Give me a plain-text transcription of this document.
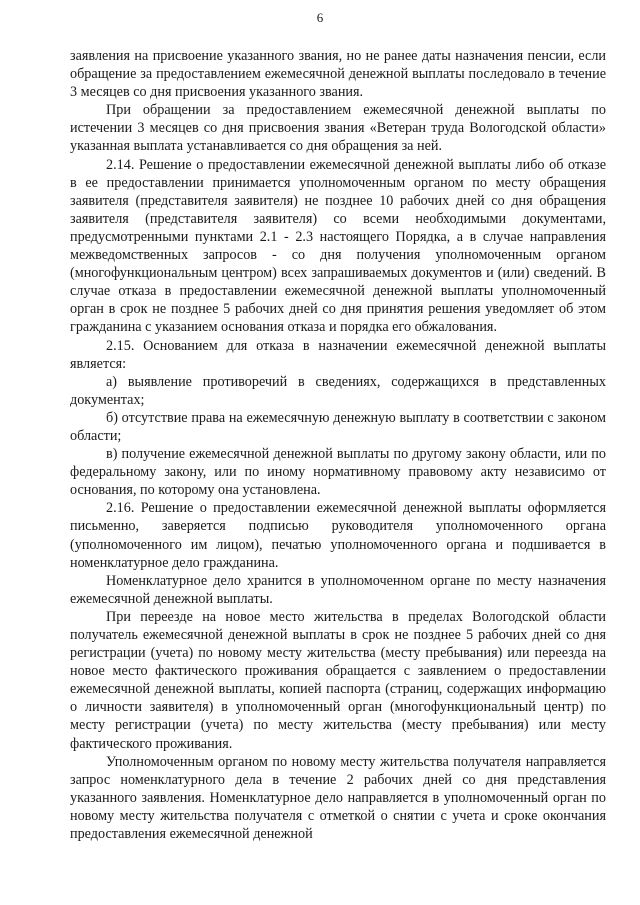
6

заявления на присвоение указанного звания, но не ранее даты назначения пенсии, если обращение за предоставлением ежемесячной денежной выплаты последовало в течение 3 месяцев со дня присвоения указанного звания.

При обращении за предоставлением ежемесячной денежной выплаты по истечении 3 месяцев со дня присвоения звания «Ветеран труда Вологодской области» указанная выплата устанавливается со дня обращения за ней.

2.14. Решение о предоставлении ежемесячной денежной выплаты либо об отказе в ее предоставлении принимается уполномоченным органом по месту обращения заявителя (представителя заявителя) не позднее 10 рабочих дней со дня обращения заявителя (представителя заявителя) со всеми необходимыми документами, предусмотренными пунктами 2.1 - 2.3 настоящего Порядка, а в случае направления межведомственных запросов - со дня получения уполномоченным органом (многофункциональным центром) всех запрашиваемых документов и (или) сведений. В случае отказа в предоставлении ежемесячной денежной выплаты уполномоченный орган в срок не позднее 5 рабочих дней со дня принятия решения уведомляет об этом гражданина с указанием основания отказа и порядка его обжалования.

2.15. Основанием для отказа в назначении ежемесячной денежной выплаты является:

а) выявление противоречий в сведениях, содержащихся в представленных документах;

б) отсутствие права на ежемесячную денежную выплату в соответствии с законом области;

в) получение ежемесячной денежной выплаты по другому закону области, или по федеральному закону, или по иному нормативному правовому акту независимо от основания, по которому она установлена.

2.16. Решение о предоставлении ежемесячной денежной выплаты оформляется письменно, заверяется подписью руководителя уполномоченного органа (уполномоченного им лицом), печатью уполномоченного органа и подшивается в номенклатурное дело гражданина.

Номенклатурное дело хранится в уполномоченном органе по месту назначения ежемесячной денежной выплаты.

При переезде на новое место жительства в пределах Вологодской области получатель ежемесячной денежной выплаты в срок не позднее 5 рабочих дней со дня регистрации (учета) по новому месту жительства (месту пребывания) или переезда на новое место фактического проживания обращается с заявлением о предоставлении ежемесячной денежной выплаты, копией паспорта (страниц, содержащих информацию о личности заявителя) в уполномоченный орган (многофункциональный центр) по месту регистрации (учета) по месту жительства (месту пребывания) или месту фактического проживания.

Уполномоченным органом по новому месту жительства получателя направляется запрос номенклатурного дела в течение 2 рабочих дней со дня представления указанного заявления. Номенклатурное дело направляется в уполномоченный орган по новому месту жительства получателя с отметкой о снятии с учета и сроке окончания предоставления ежемесячной денежной
